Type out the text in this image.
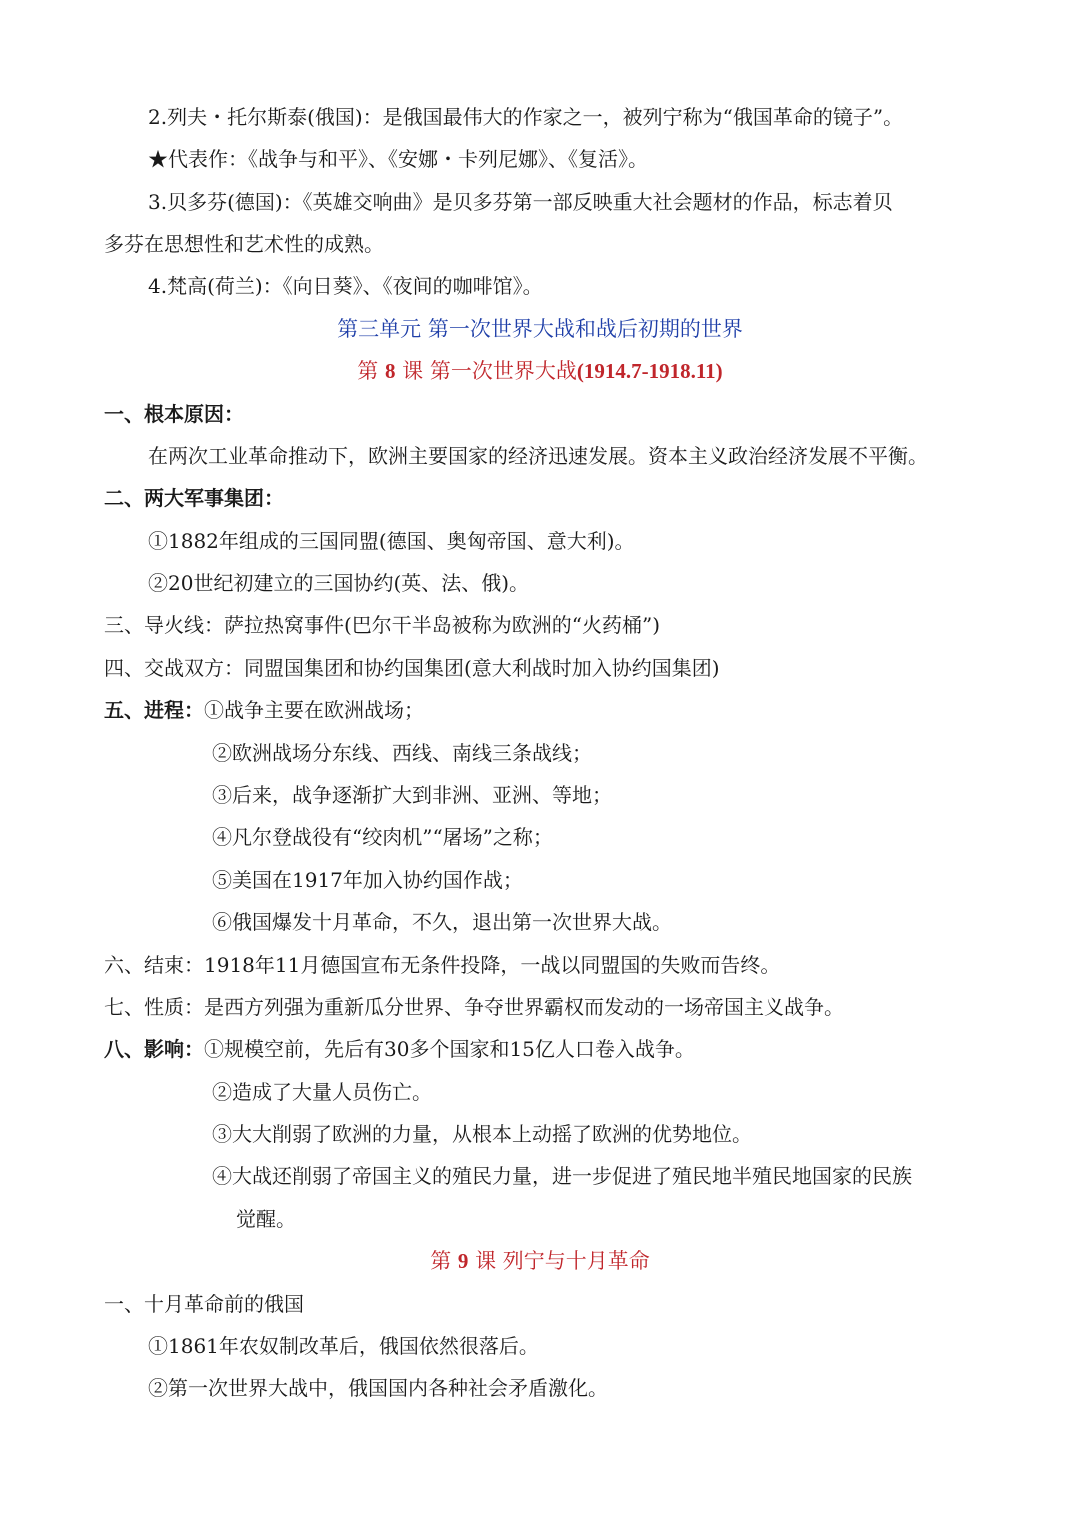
2.列夫・托尔斯泰(俄国)：是俄国最伟大的作家之一，被列宁称为“俄国革命的镜子”。
★代表作：《战争与和平》、《安娜・卡列尼娜》、《复活》。
3.贝多芬(德国)：《英雄交响曲》是贝多芬第一部反映重大社会题材的作品，标志着贝
多芬在思想性和艺术性的成熟。
4.梵高(荷兰)：《向日葵》、《夜间的咖啡馆》。
第三单元 第一次世界大战和战后初期的世界
第 8 课 第一次世界大战(1914.7-1918.11)
一、根本原因：
在两次工业革命推动下，欧洲主要国家的经济迅速发展。资本主义政治经济发展不平衡。
二、两大军事集团：
①1882年组成的三国同盟(德国、奥匈帝国、意大利)。
②20世纪初建立的三国协约(英、法、俄)。
三、导火线：萨拉热窝事件(巴尔干半岛被称为欧洲的“火药桶”)
四、交战双方：同盟国集团和协约国集团(意大利战时加入协约国集团)
五、进程：①战争主要在欧洲战场；
②欧洲战场分东线、西线、南线三条战线；
③后来，战争逐渐扩大到非洲、亚洲、等地；
④凡尔登战役有“绞肉机”“屠场”之称；
⑤美国在1917年加入协约国作战；
⑥俄国爆发十月革命，不久，退出第一次世界大战。
六、结束：1918年11月德国宣布无条件投降，一战以同盟国的失败而告终。
七、性质：是西方列强为重新瓜分世界、争夺世界霸权而发动的一场帝国主义战争。
八、影响：①规模空前，先后有30多个国家和15亿人口卷入战争。
②造成了大量人员伤亡。
③大大削弱了欧洲的力量，从根本上动摇了欧洲的优势地位。
④大战还削弱了帝国主义的殖民力量，进一步促进了殖民地半殖民地国家的民族
觉醒。
第 9 课 列宁与十月革命
一、十月革命前的俄国
①1861年农奴制改革后，俄国依然很落后。
②第一次世界大战中，俄国国内各种社会矛盾激化。
